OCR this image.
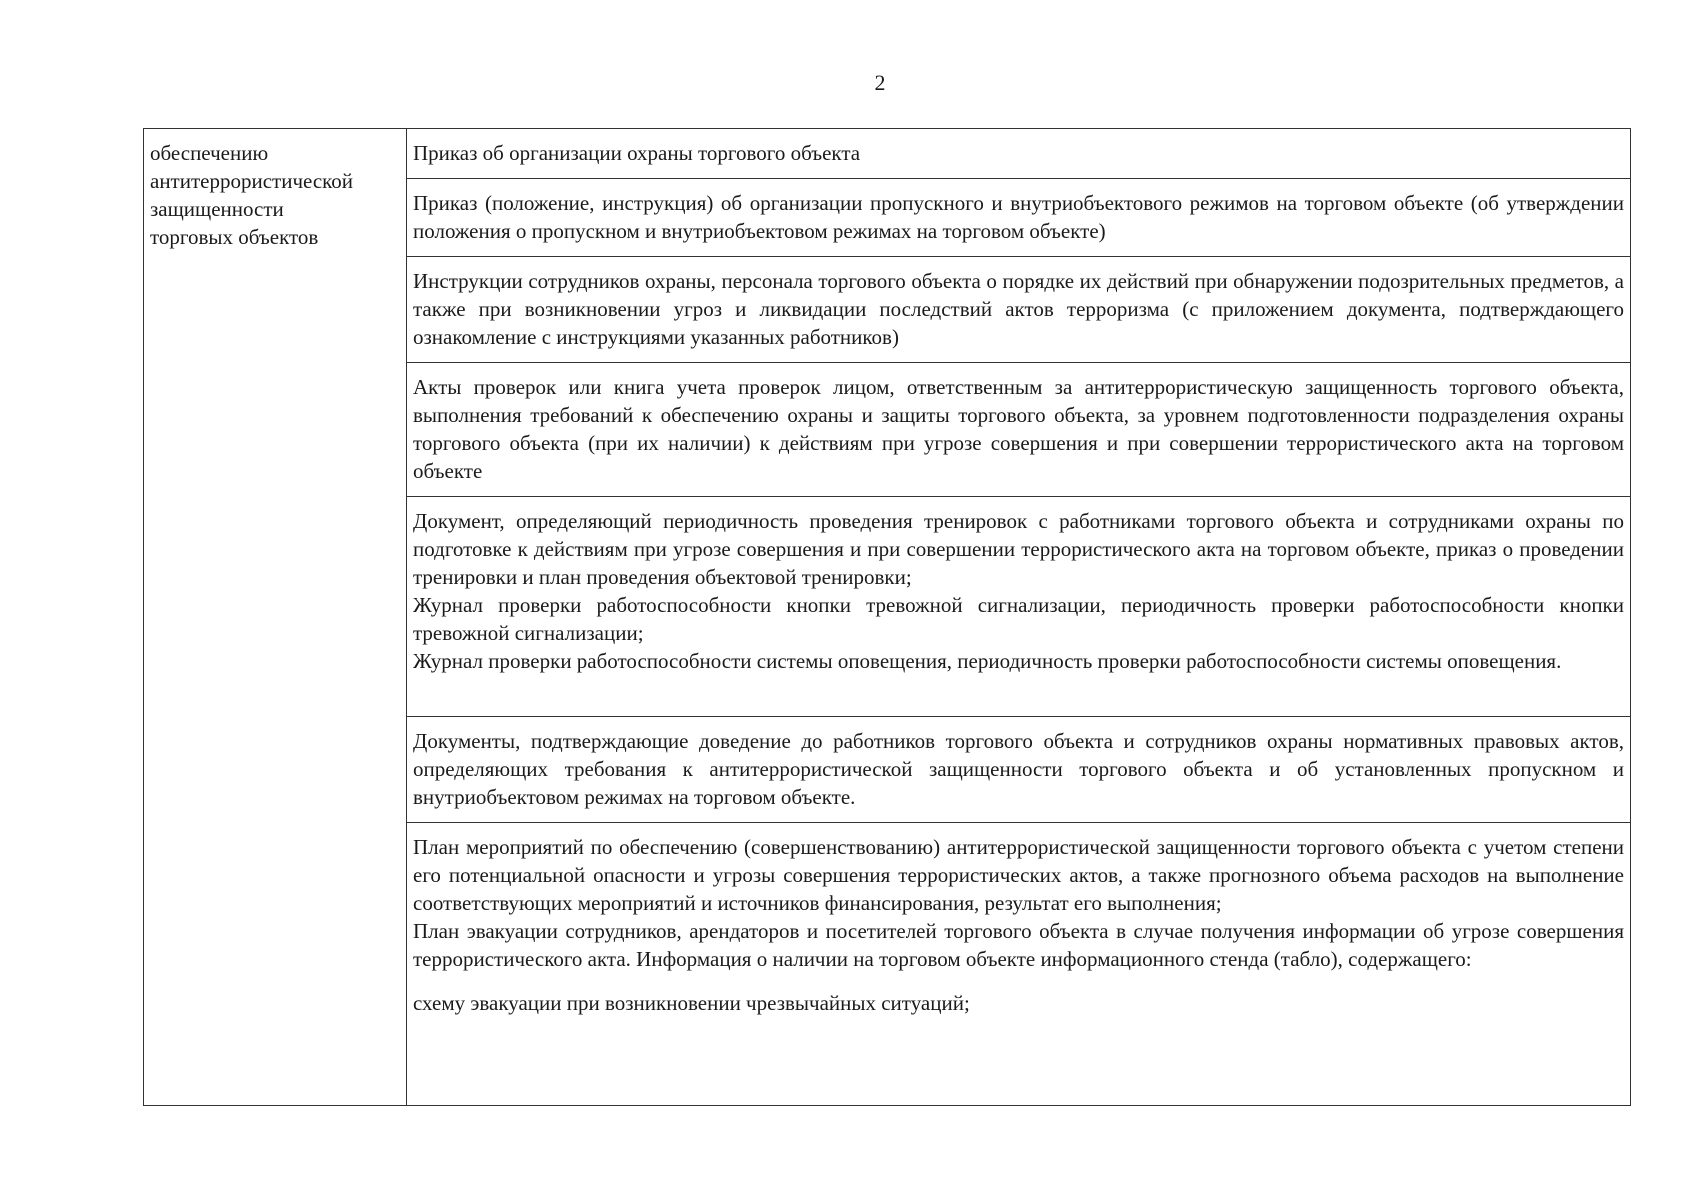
2
обеспечению
антитеррористической
защищенности
торговых объектов
Приказ об организации охраны торгового объекта
Приказ (положение, инструкция) об организации пропускного и внутриобъектового режимов на торговом объекте (об утверждении положения о пропускном и внутриобъектовом режимах на торговом объекте)
Инструкции сотрудников охраны, персонала торгового объекта о порядке их действий при обнаружении подозрительных предметов, а также при возникновении угроз и ликвидации последствий актов терроризма (с приложением документа, подтверждающего ознакомление с инструкциями указанных работников)
Акты проверок или книга учета проверок лицом, ответственным за антитеррористическую защищенность торгового объекта, выполнения требований к обеспечению охраны и защиты торгового объекта, за уровнем подготовленности подразделения охраны торгового объекта (при их наличии) к действиям при угрозе совершения и при совершении террористического акта на торговом объекте
Документ, определяющий периодичность проведения тренировок с работниками торгового объекта и сотрудниками охраны по подготовке к действиям при угрозе совершения и при совершении террористического акта на торговом объекте, приказ о проведении тренировки и план проведения объектовой тренировки;
Журнал проверки работоспособности кнопки тревожной сигнализации, периодичность проверки работоспособности кнопки тревожной сигнализации;
Журнал проверки работоспособности системы оповещения, периодичность проверки работоспособности системы оповещения.
Документы, подтверждающие доведение до работников торгового объекта и сотрудников охраны нормативных правовых актов, определяющих требования к антитеррористической защищенности торгового объекта и об установленных пропускном и внутриобъектовом режимах на торговом объекте.
План мероприятий по обеспечению (совершенствованию) антитеррористической защищенности торгового объекта с учетом степени его потенциальной опасности и угрозы совершения террористических актов, а также прогнозного объема расходов на выполнение соответствующих мероприятий и источников финансирования, результат его выполнения;
План эвакуации сотрудников, арендаторов и посетителей торгового объекта в случае получения информации об угрозе совершения террористического акта. Информация о наличии на торговом объекте информационного стенда (табло), содержащего:
схему эвакуации при возникновении чрезвычайных ситуаций;
